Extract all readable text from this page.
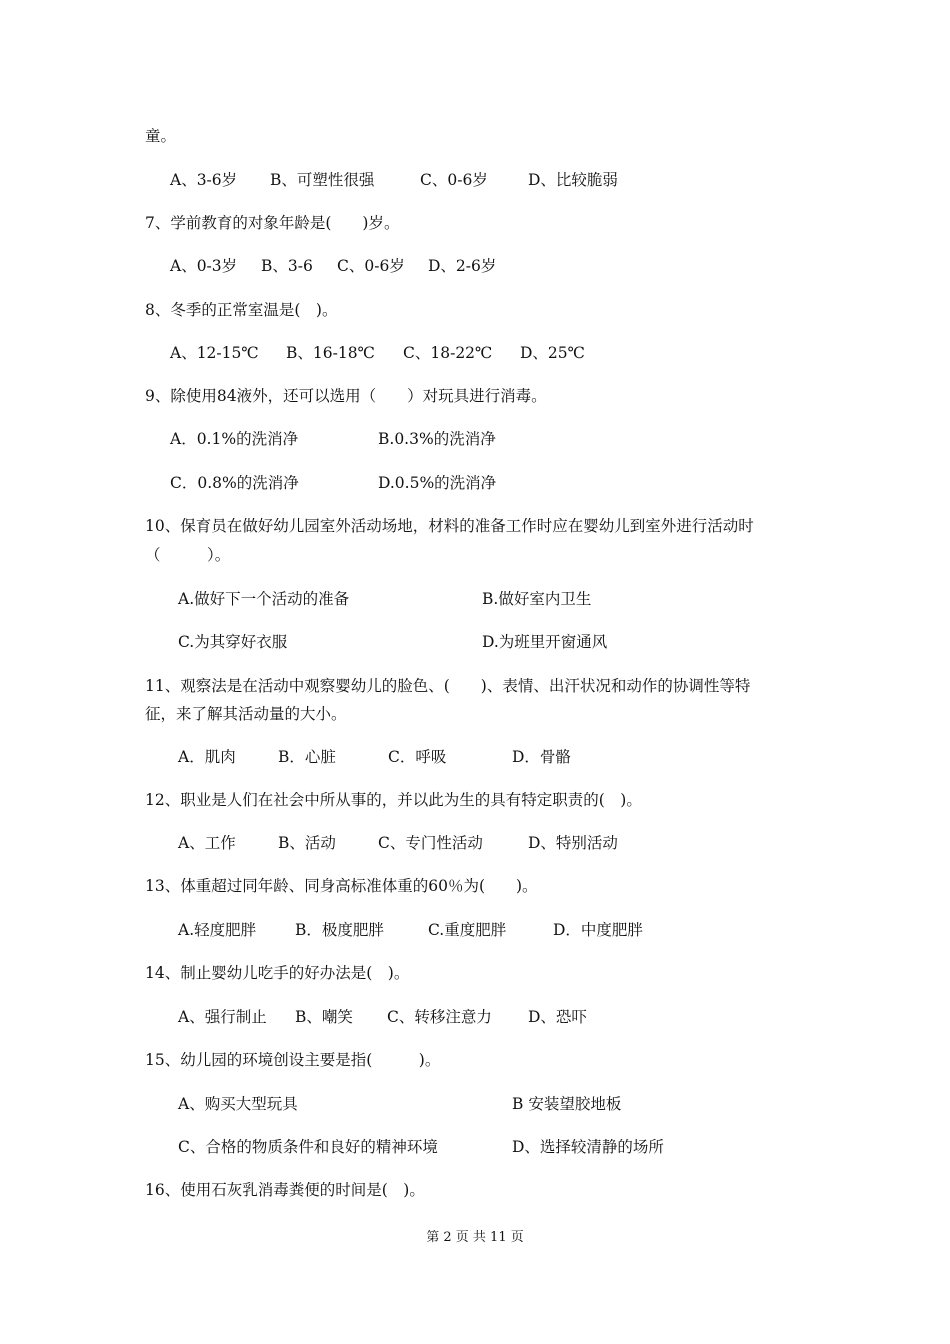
童。
A、3-6岁 B、可塑性很强	C、0-6岁	D、比较脆弱
7、学前教育的对象年龄是(　　)岁。
A、0-3岁 B、3-6 C、0-6岁 D、2-6岁
8、冬季的正常室温是(　)。
A、12-15℃ B、16-18℃ C、18-22℃ D、25℃
9、除使用84液外，还可以选用（　　）对玩具进行消毒。
A．0.1%的洗消净	B.0.3%的洗消净
C．0.8%的洗消净	D.0.5%的洗消净
10、保育员在做好幼儿园室外活动场地，材料的准备工作时应在婴幼儿到室外进行活动时
（　　　）。
A.做好下一个活动的准备	B.做好室内卫生
C.为其穿好衣服	D.为班里开窗通风
11、观察法是在活动中观察婴幼儿的脸色、(　　)、表情、出汗状况和动作的协调性等特
征，来了解其活动量的大小。
A．肌肉	B．心脏	C．呼吸	D．骨骼
12、职业是人们在社会中所从事的，并以此为生的具有特定职责的(　)。
A、工作	B、活动	C、专门性活动	D、特别活动
13、体重超过同年龄、同身高标准体重的60％为(　　)。
A.轻度肥胖	B．极度肥胖	C.重度肥胖	D．中度肥胖
14、制止婴幼儿吃手的好办法是(　)。
A、强行制止 B、嘲笑 C、转移注意力 D、恐吓
15、幼儿园的环境创设主要是指(　　　)。
A、购买大型玩具	B 安装望胶地板
C、合格的物质条件和良好的精神环境	D、选择较清静的场所
16、使用石灰乳消毒粪便的时间是(　)。
第 2 页 共 11 页
